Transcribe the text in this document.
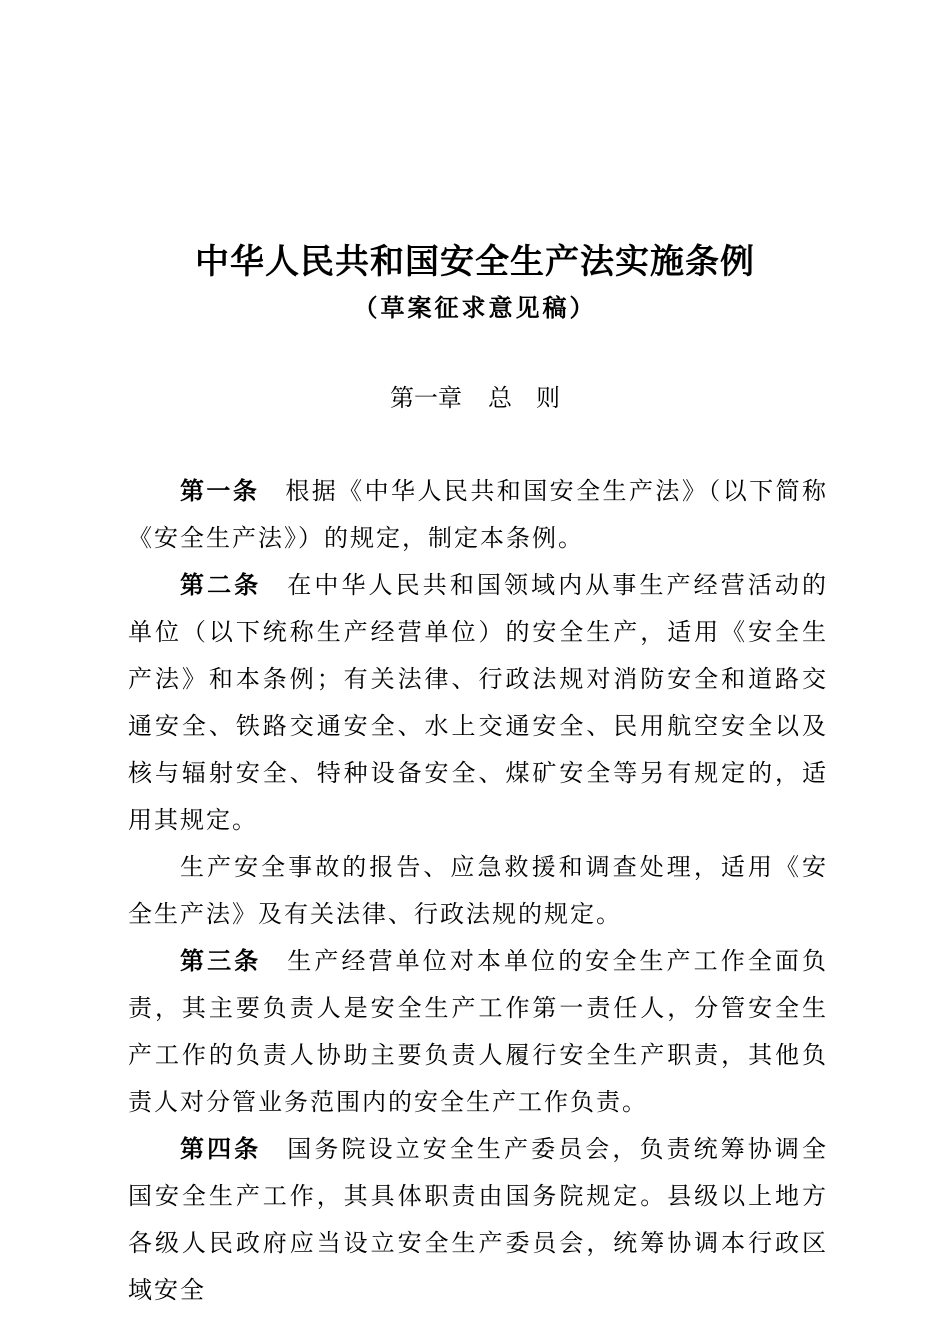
中华人民共和国安全生产法实施条例
（草案征求意见稿）
第一章 总　则

第一条 根据《中华人民共和国安全生产法》（以下简称《安全生产法》）的规定，制定本条例。

第二条 在中华人民共和国领域内从事生产经营活动的单位（以下统称生产经营单位）的安全生产，适用《安全生产法》和本条例；有关法律、行政法规对消防安全和道路交通安全、铁路交通安全、水上交通安全、民用航空安全以及核与辐射安全、特种设备安全、煤矿安全等另有规定的，适用其规定。

生产安全事故的报告、应急救援和调查处理，适用《安全生产法》及有关法律、行政法规的规定。

第三条 生产经营单位对本单位的安全生产工作全面负责，其主要负责人是安全生产工作第一责任人，分管安全生产工作的负责人协助主要负责人履行安全生产职责，其他负责人对分管业务范围内的安全生产工作负责。

第四条 国务院设立安全生产委员会，负责统筹协调全国安全生产工作，其具体职责由国务院规定。县级以上地方各级人民政府应当设立安全生产委员会，统筹协调本行政区域安全
